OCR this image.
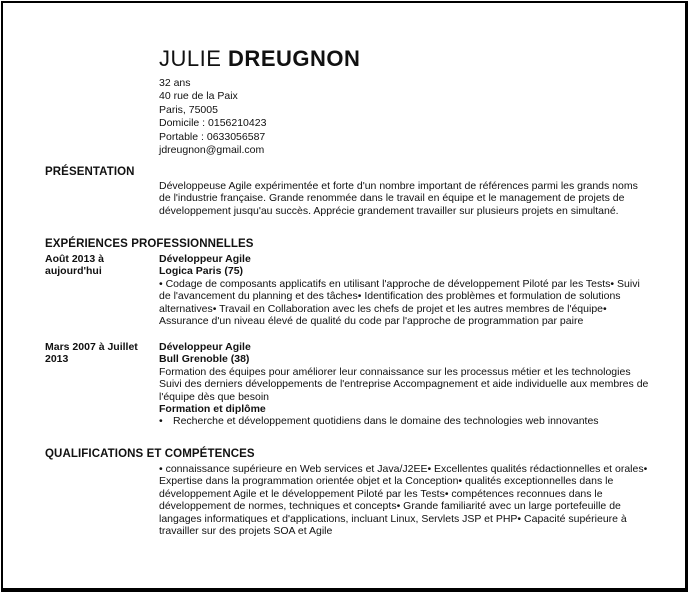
JULIE DREUGNON
32 ans
40 rue de la Paix
Paris, 75005
Domicile : 0156210423
Portable : 0633056587
jdreugnon@gmail.com
PRÉSENTATION
Développeuse Agile expérimentée et forte d'un nombre important de références parmi les grands noms de l'industrie française. Grande renommée dans le travail en équipe et le management de projets de développement jusqu'au succès. Apprécie grandement travailler sur plusieurs projets en simultané.
EXPÉRIENCES PROFESSIONNELLES
Août 2013 à aujourd'hui
Développeur Agile
Logica Paris (75)
• Codage de composants applicatifs en utilisant l'approche de développement Piloté par les Tests• Suivi de l'avancement du planning et des tâches• Identification des problèmes et formulation de solutions alternatives• Travail en Collaboration avec les chefs de projet et les autres membres de l'équipe• Assurance d'un niveau élevé de qualité du code par l'approche de programmation par paire
Mars 2007 à Juillet 2013
Développeur Agile
Bull Grenoble (38)
Formation des équipes pour améliorer leur connaissance sur les processus métier et les technologies Suivi des derniers développements de l'entreprise Accompagnement et aide individuelle aux membres de l'équipe dès que besoin
Formation et diplôme
• Recherche et développement quotidiens dans le domaine des technologies web innovantes
QUALIFICATIONS ET COMPÉTENCES
• connaissance supérieure en Web services et Java/J2EE• Excellentes qualités rédactionnelles et orales• Expertise dans la programmation orientée objet et la Conception• qualités exceptionnelles dans le développement Agile et le développement Piloté par les Tests• compétences reconnues dans le développement de normes, techniques et concepts• Grande familiarité avec un large portefeuille de langages informatiques et d'applications, incluant Linux, Servlets JSP et PHP• Capacité supérieure à travailler sur des projets SOA et Agile
